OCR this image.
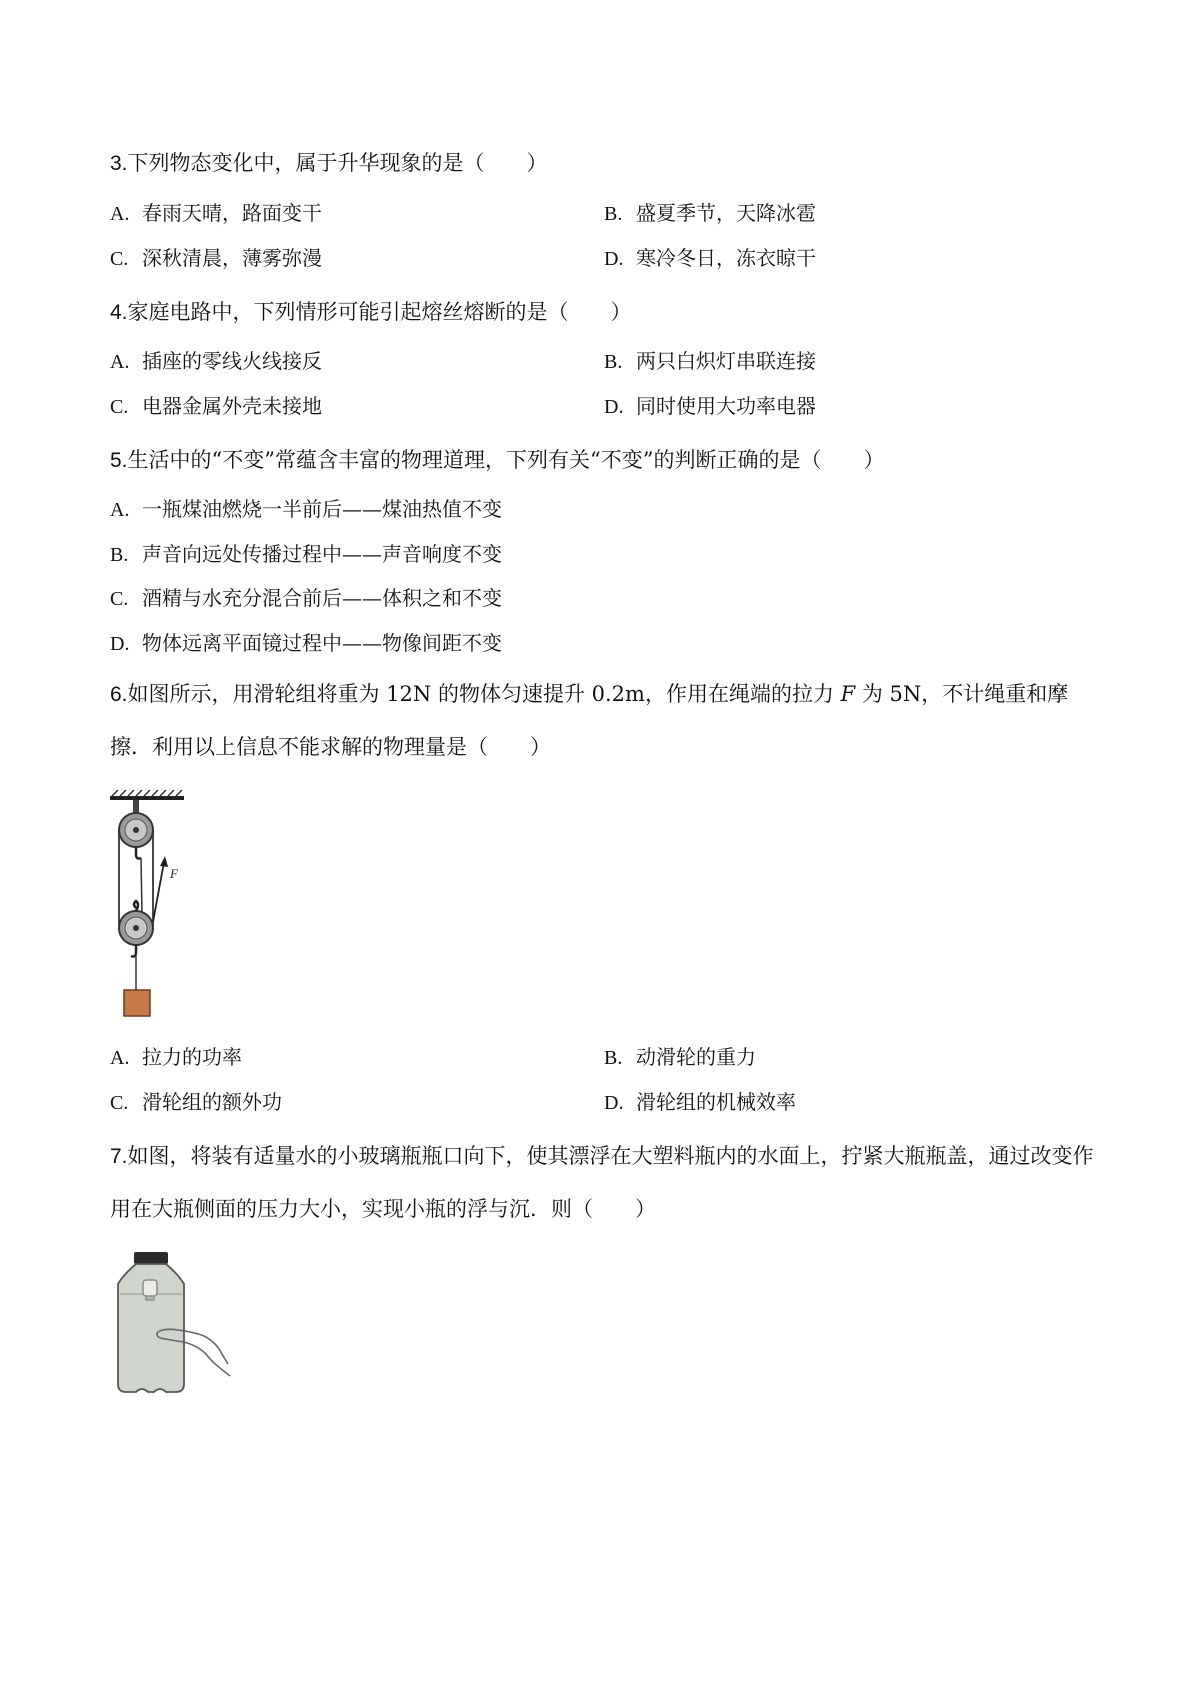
3.下列物态变化中，属于升华现象的是（　　）

A. 春雨天晴，路面变干	B. 盛夏季节，天降冰雹
C. 深秋清晨，薄雾弥漫	D. 寒冷冬日，冻衣晾干

4.家庭电路中，下列情形可能引起熔丝熔断的是（　　）

A. 插座的零线火线接反	B. 两只白炽灯串联连接
C. 电器金属外壳未接地	D. 同时使用大功率电器

5.生活中的“不变”常蕴含丰富的物理道理，下列有关“不变”的判断正确的是（　　）

A. 一瓶煤油燃烧一半前后——煤油热值不变
B. 声音向远处传播过程中——声音响度不变
C. 酒精与水充分混合前后——体积之和不变
D. 物体远离平面镜过程中——物像间距不变

6.如图所示，用滑轮组将重为 12N 的物体匀速提升 0.2m，作用在绳端的拉力 F 为 5N，不计绳重和摩擦．利用以上信息不能求解的物理量是（　　）

F
A. 拉力的功率	B. 动滑轮的重力
C. 滑轮组的额外功	D. 滑轮组的机械效率

7.如图，将装有适量水的小玻璃瓶瓶口向下，使其漂浮在大塑料瓶内的水面上，拧紧大瓶瓶盖，通过改变作用在大瓶侧面的压力大小，实现小瓶的浮与沉．则（　　）
